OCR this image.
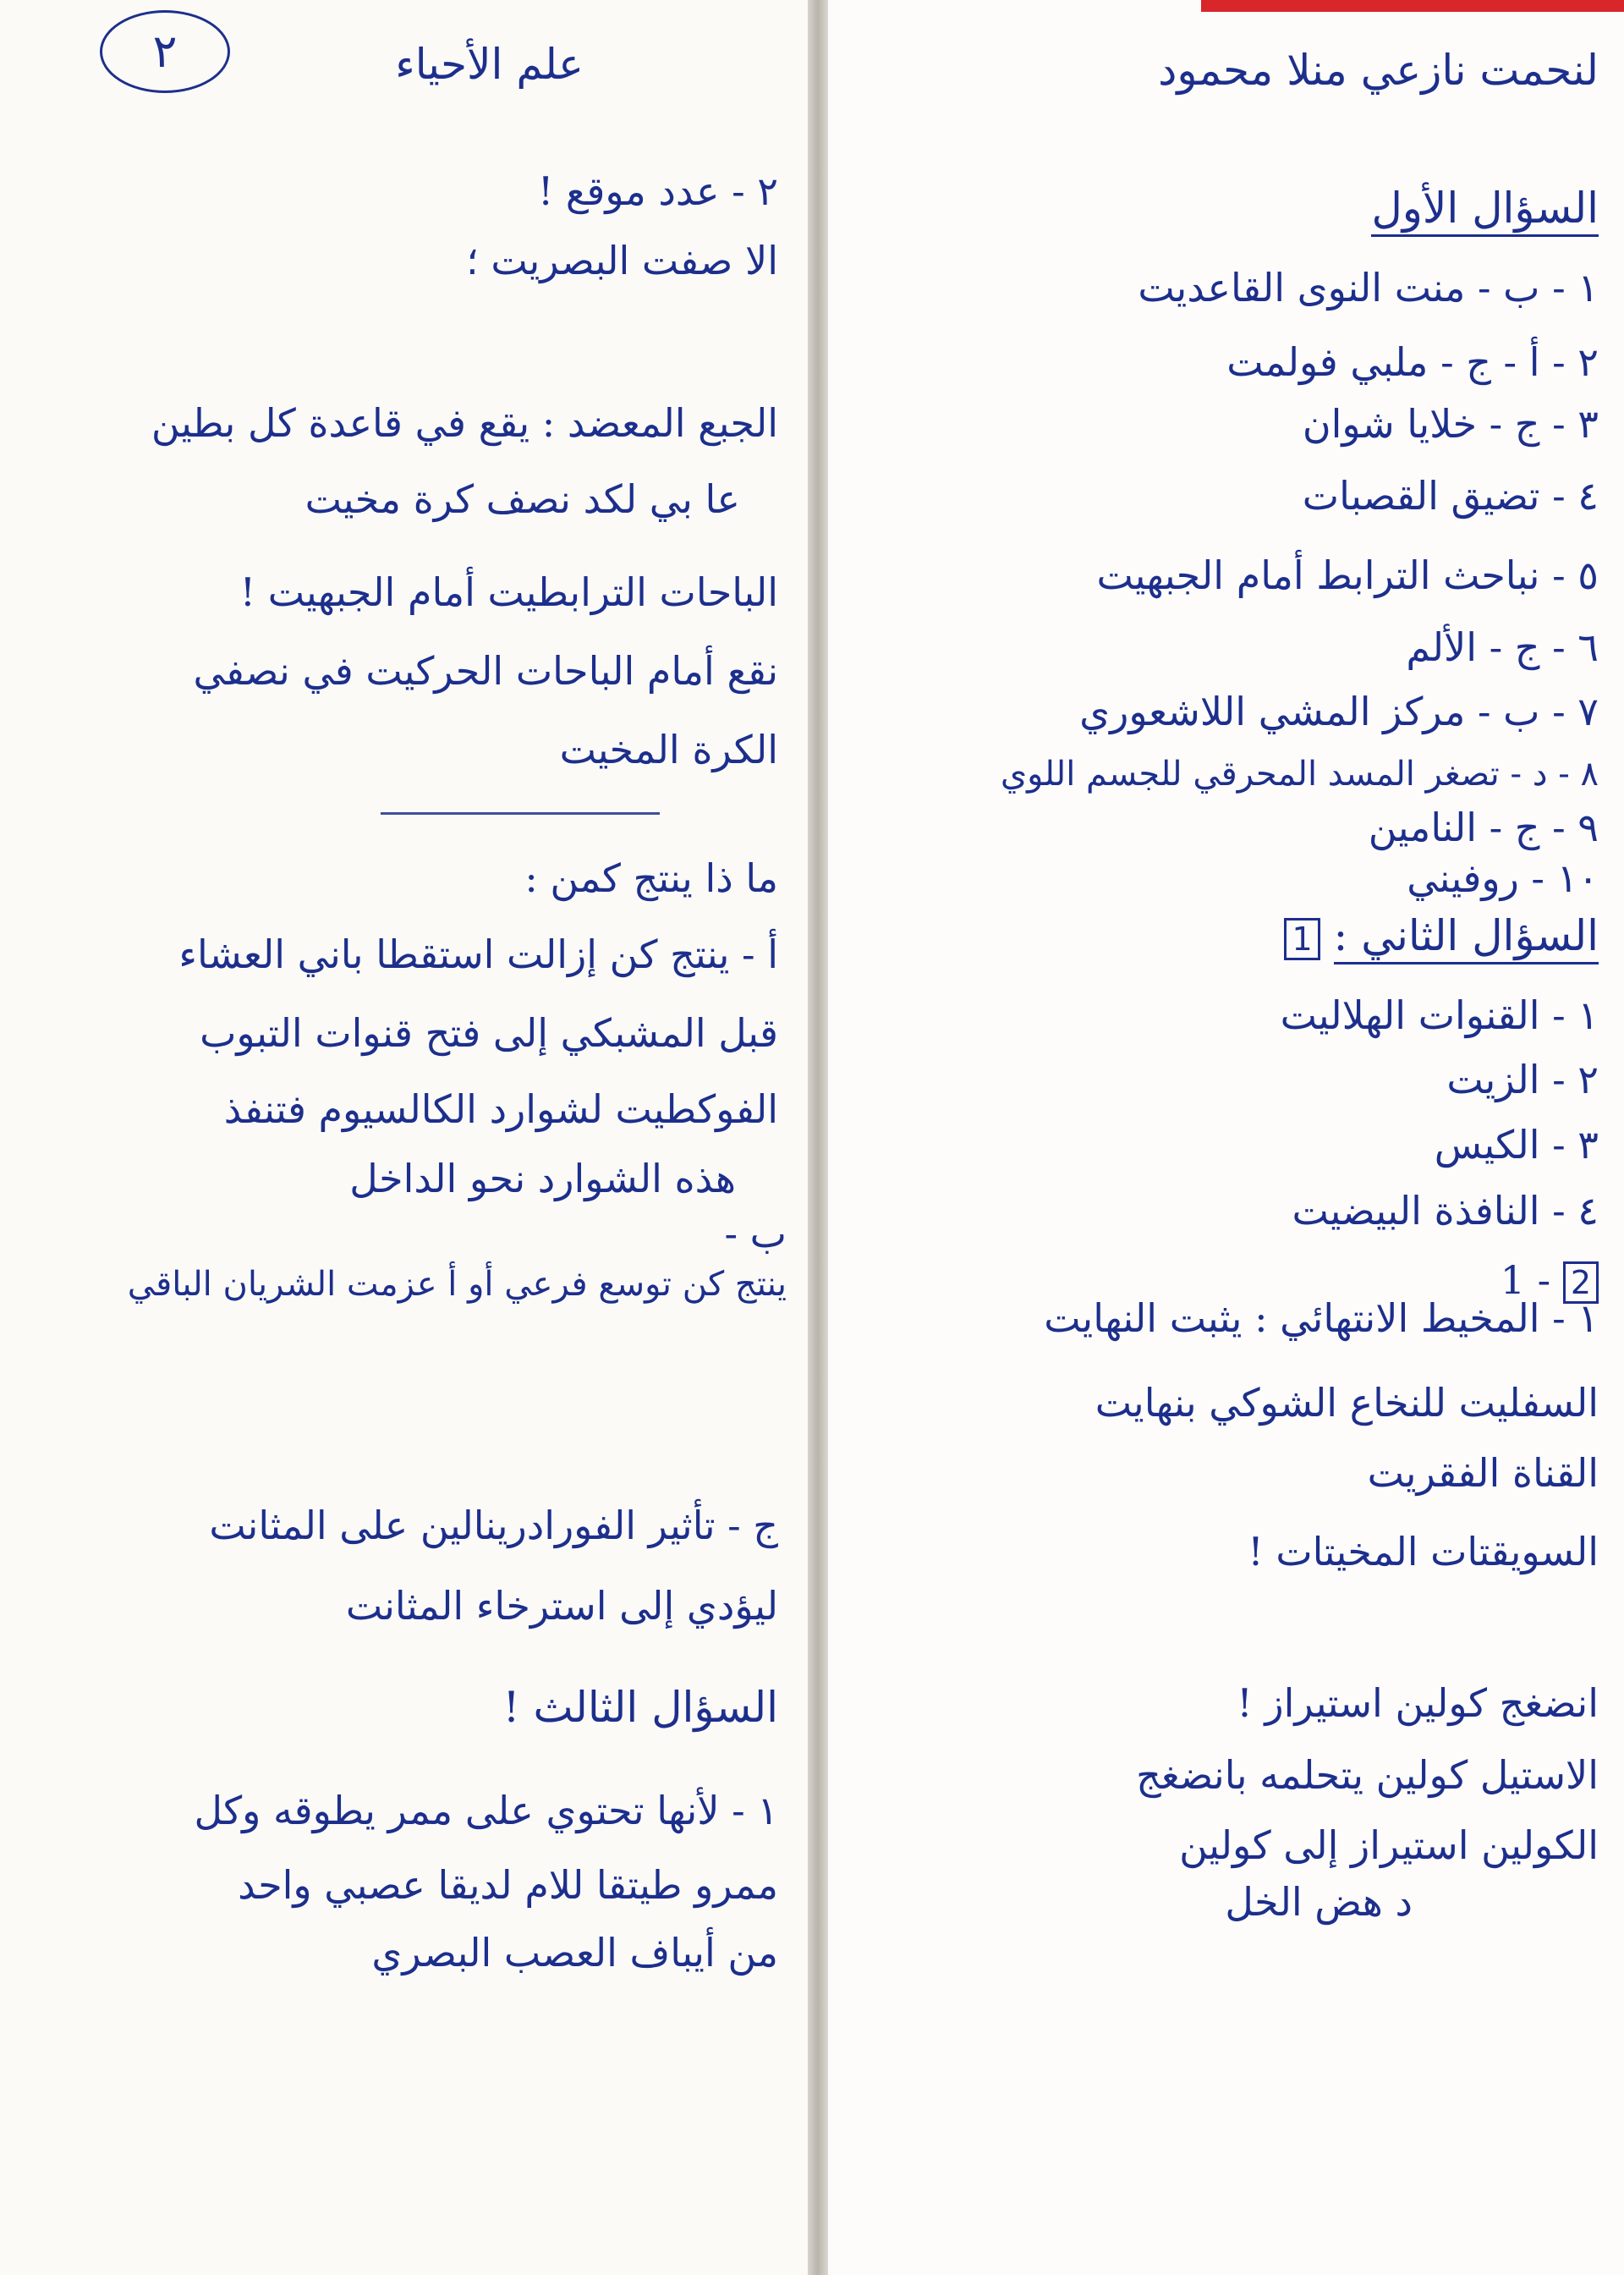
٢	علم الأحياء	لنحمت نازعي منلا محمود
٢ - عدد موقع !
الا صفت البصريت ؛
الجبع المعضد : يقع في قاعدة كل بطين
عا بي لكد نصف كرة مخيت
الباحات الترابطيت أمام الجبهيت !
نقع أمام الباحات الحركيت في نصفي
الكرة المخيت
ما ذا ينتج كمن :
أ - ينتج كن إزالت استقطا باني العشاء
قبل المشبكي إلى فتح قنوات التبوب
الفوكطيت لشوارد الكالسيوم فتنفذ
هذه الشوارد نحو الداخل
ب -
ينتج كن توسع فرعي أو أ عزمت الشريان الباقي
ج - تأثير الفورادرينالين على المثانت
ليؤدي إلى استرخاء المثانت
السؤال الثالث !
١ - لأنها تحتوي على ممر يطوقه وكل
ممرو طيتقا للام لديقا عصبي واحد
من أيباف العصب البصري
السؤال الأول
١ - ب - منت النوى القاعديت
٢ - أ - ج - ملبي فولمت
٣ - ج - خلايا شوان
٤ - تضيق القصبات
٥ - نباحث الترابط أمام الجبهيت
٦ - ج - الألم
٧ - ب - مركز المشي اللاشعوري
٨ - د - تصغر المسد المحرقي للجسم اللوي
٩ - ج - النامين
١٠ - روفيني
السؤال الثاني : 1
١ - القنوات الهلاليت
٢ - الزيت
٣ - الكيس
٤ - النافذة البيضيت
2 - 1
١ - المخيط الانتهائي : يثبت النهايت
السفليت للنخاع الشوكي بنهايت
القناة الفقريت
السويقتات المخيتات !
انضغج كولين استيراز !
الاستيل كولين يتحلمه بانضغج
الكولين استيراز إلى كولين
د هض الخل
